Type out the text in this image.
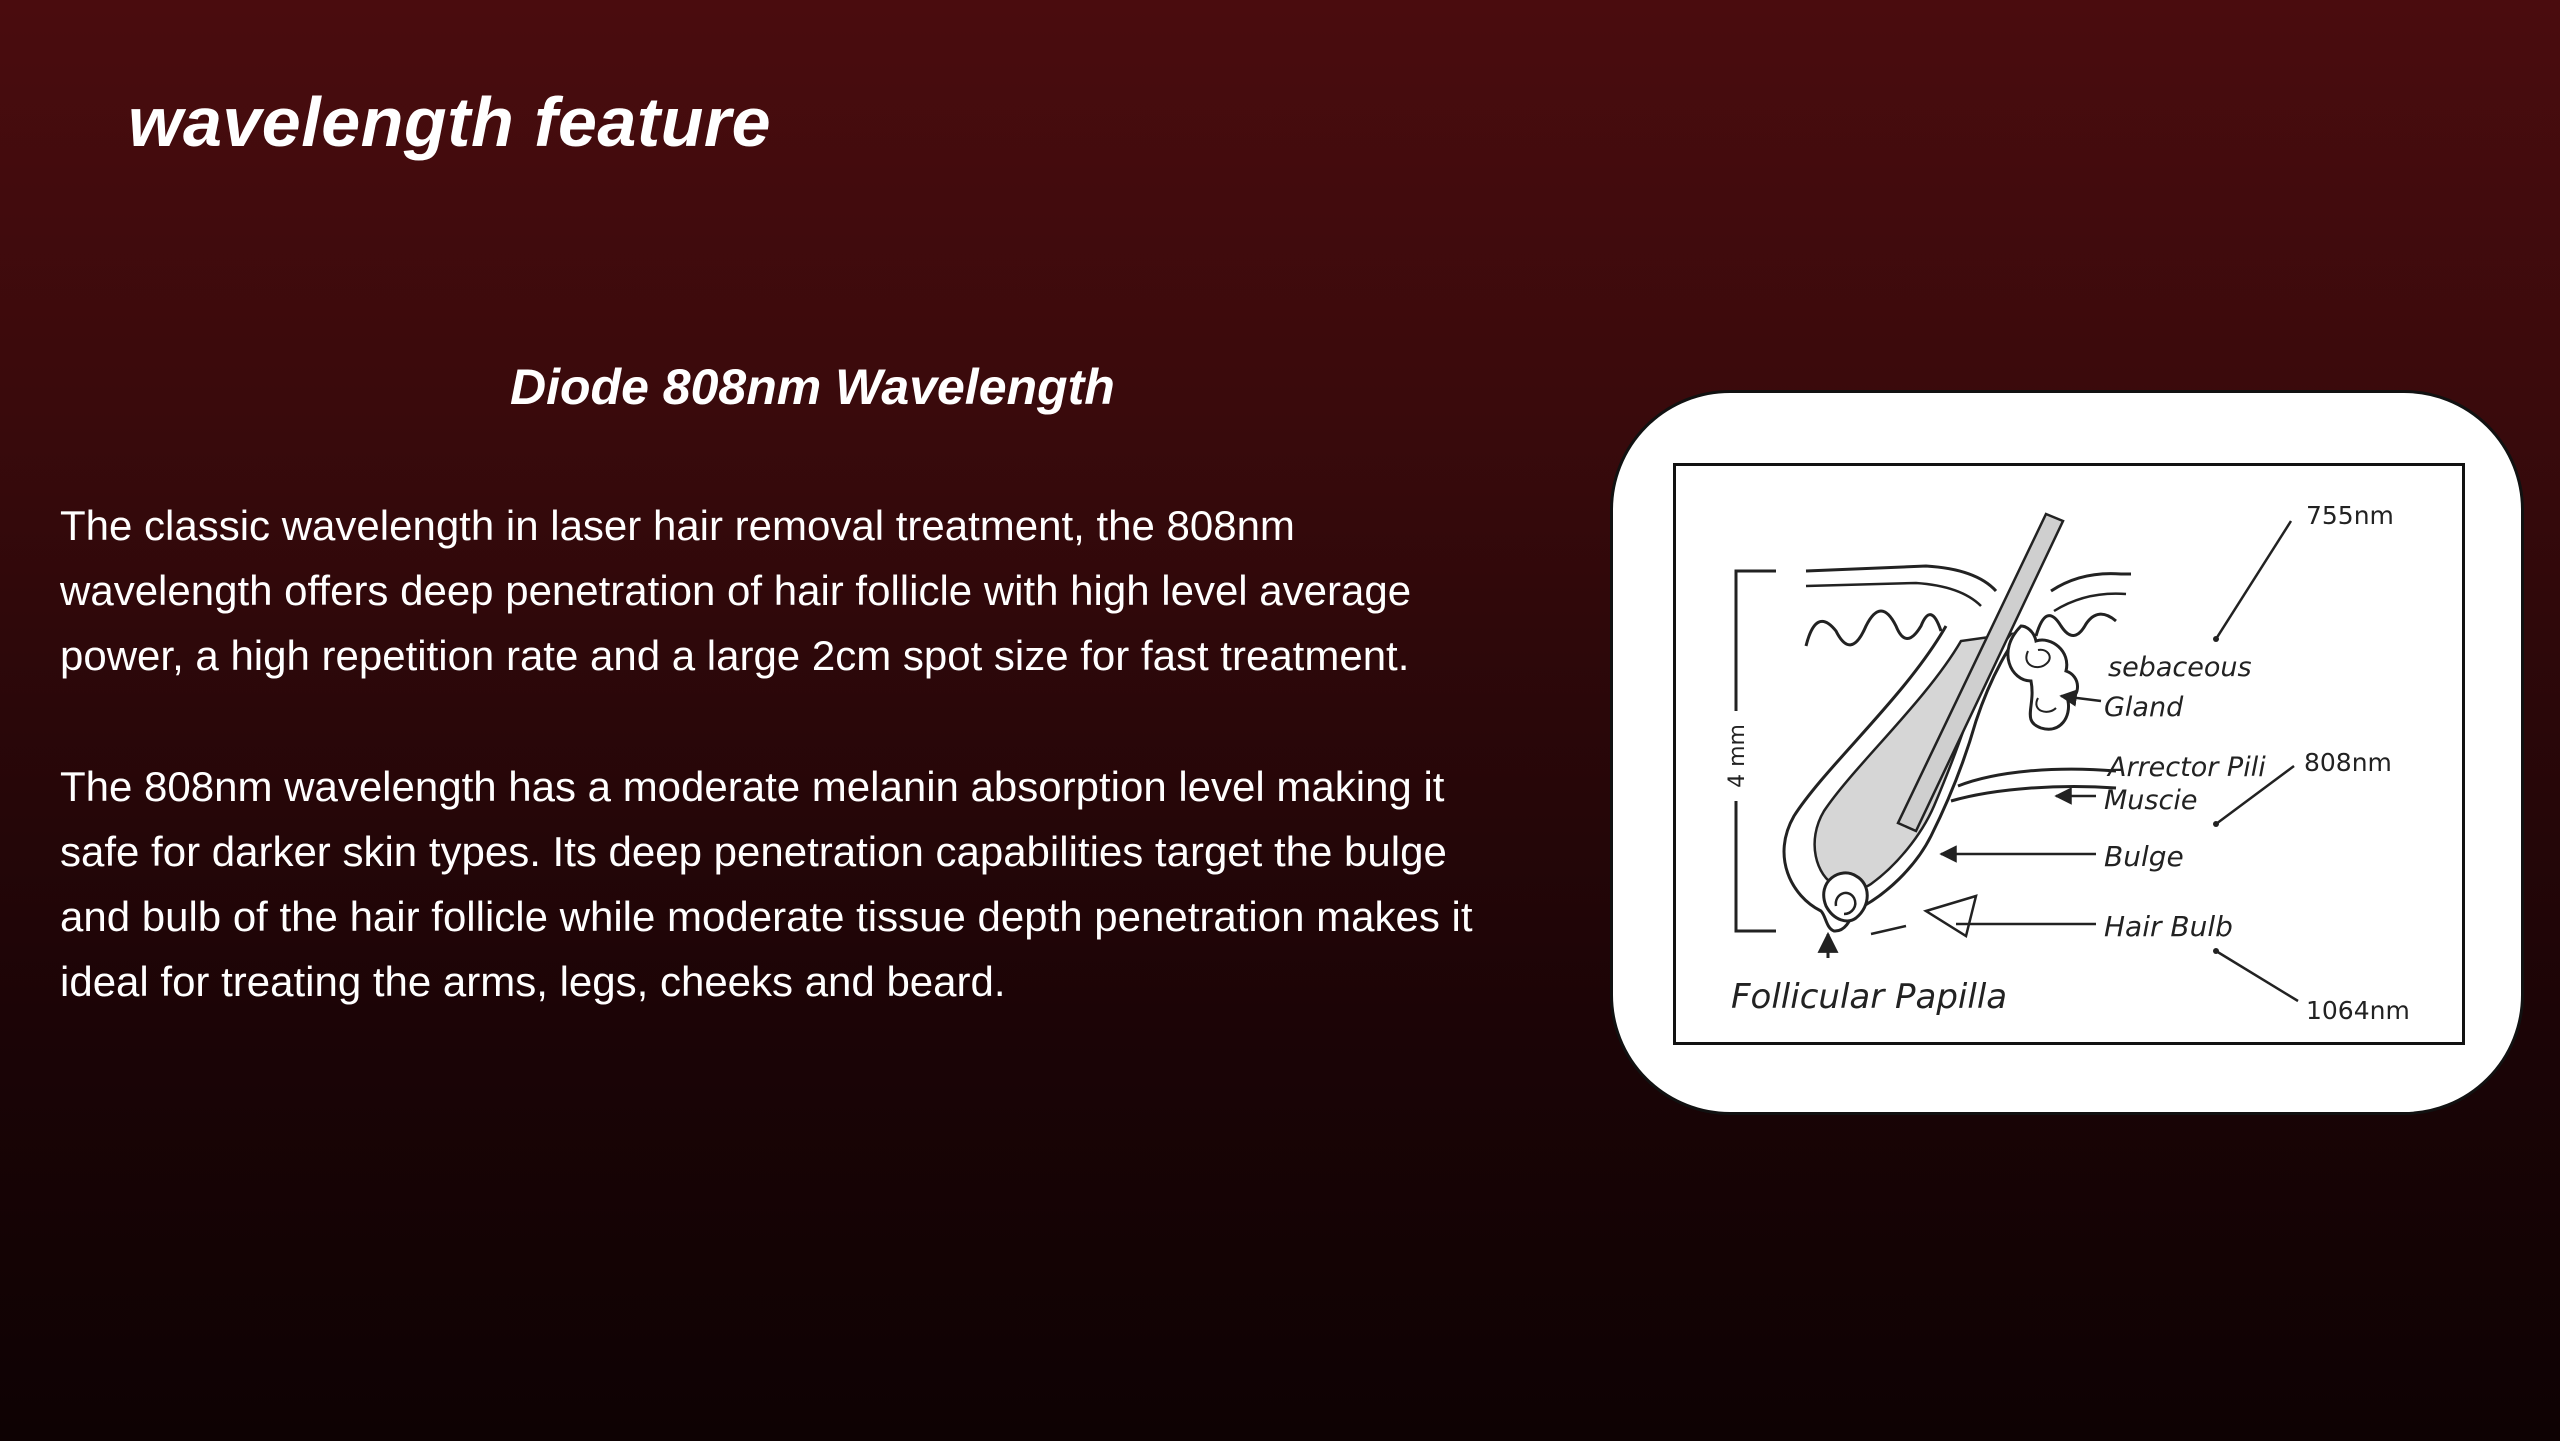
wavelength feature
Diode 808nm Wavelength

The classic wavelength in laser hair removal treatment, the 808nm
wavelength offers deep penetration of hair follicle with high level average
power, a high repetition rate and a large 2cm spot size for fast treatment.

The 808nm wavelength has a moderate melanin absorption level making it
safe for darker skin types. Its deep penetration capabilities target the bulge
and bulb of the hair follicle while moderate tissue depth penetration makes it
ideal for treating the arms, legs, cheeks and beard.

4 mm
sebaceous
Gland
Arrector Pili
Muscie
Bulge
Hair Bulb
Follicular Papilla
755nm
808nm
1064nm
